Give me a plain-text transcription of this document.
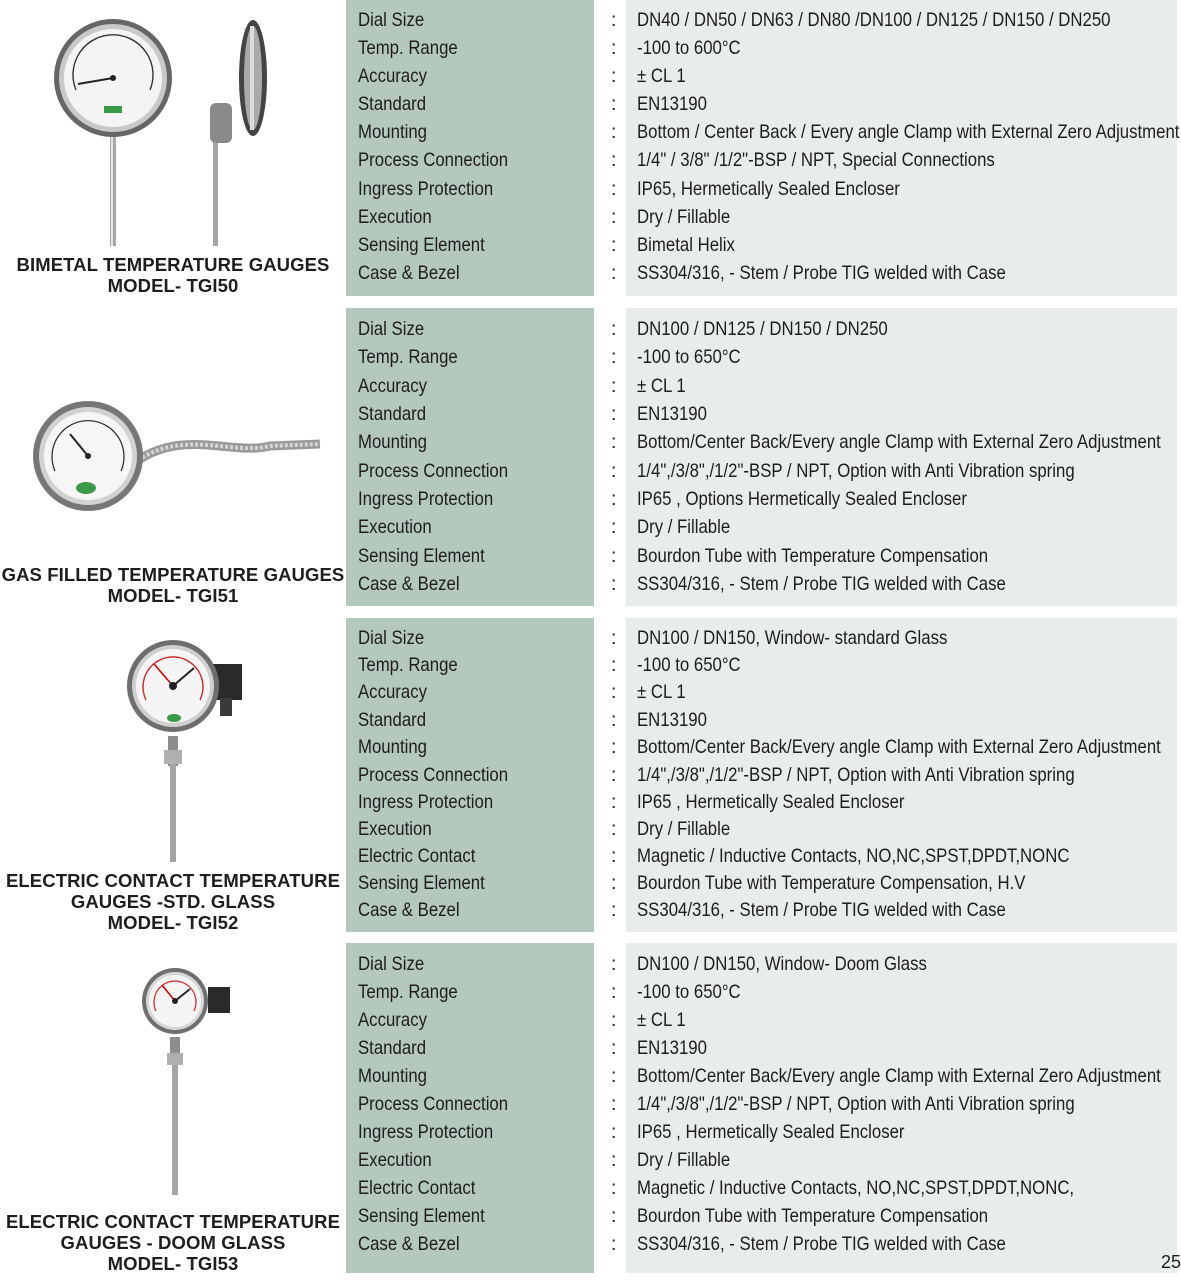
BIMETAL TEMPERATURE GAUGES
MODEL- TGI50
Dial Size	: DN40 / DN50 / DN63 / DN80 /DN100 / DN125 / DN150 / DN250
Temp. Range	: -100 to 600°C
Accuracy	: ± CL 1
Standard	: EN13190
Mounting	: Bottom / Center Back / Every angle Clamp with External Zero Adjustment
Process Connection	: 1/4" / 3/8" /1/2"-BSP / NPT, Special Connections
Ingress Protection	: IP65, Hermetically Sealed Encloser
Execution	: Dry / Fillable
Sensing Element	: Bimetal Helix
Case & Bezel	: SS304/316, - Stem / Probe TIG welded with Case
GAS FILLED TEMPERATURE GAUGES
MODEL- TGI51
Dial Size	: DN100 / DN125 / DN150 / DN250
Temp. Range	: -100 to 650°C
Accuracy	: ± CL 1
Standard	: EN13190
Mounting	: Bottom/Center Back/Every angle Clamp with External Zero Adjustment
Process Connection	: 1/4",/3/8",/1/2"-BSP / NPT, Option with Anti Vibration spring
Ingress Protection	: IP65 , Options Hermetically Sealed Encloser
Execution	: Dry / Fillable
Sensing Element	: Bourdon Tube with Temperature Compensation
Case & Bezel	: SS304/316, - Stem / Probe TIG welded with Case
ELECTRIC CONTACT TEMPERATURE
GAUGES -STD. GLASS
MODEL- TGI52
Dial Size	: DN100 / DN150, Window- standard Glass
Temp. Range	: -100 to 650°C
Accuracy	: ± CL 1
Standard	: EN13190
Mounting	: Bottom/Center Back/Every angle Clamp with External Zero Adjustment
Process Connection	: 1/4",/3/8",/1/2"-BSP / NPT, Option with Anti Vibration spring
Ingress Protection	: IP65 , Hermetically Sealed Encloser
Execution	: Dry / Fillable
Electric Contact	: Magnetic / Inductive Contacts, NO,NC,SPST,DPDT,NONC
Sensing Element	: Bourdon Tube with Temperature Compensation, H.V
Case & Bezel	: SS304/316, - Stem / Probe TIG welded with Case
ELECTRIC CONTACT TEMPERATURE
GAUGES - DOOM GLASS
MODEL- TGI53
Dial Size	: DN100 / DN150, Window- Doom Glass
Temp. Range	: -100 to 650°C
Accuracy	: ± CL 1
Standard	: EN13190
Mounting	: Bottom/Center Back/Every angle Clamp with External Zero Adjustment
Process Connection	: 1/4",/3/8",/1/2"-BSP / NPT, Option with Anti Vibration spring
Ingress Protection	: IP65 , Hermetically Sealed Encloser
Execution	: Dry / Fillable
Electric Contact	: Magnetic / Inductive Contacts, NO,NC,SPST,DPDT,NONC,
Sensing Element	: Bourdon Tube with Temperature Compensation
Case & Bezel	: SS304/316, - Stem / Probe TIG welded with Case
25
